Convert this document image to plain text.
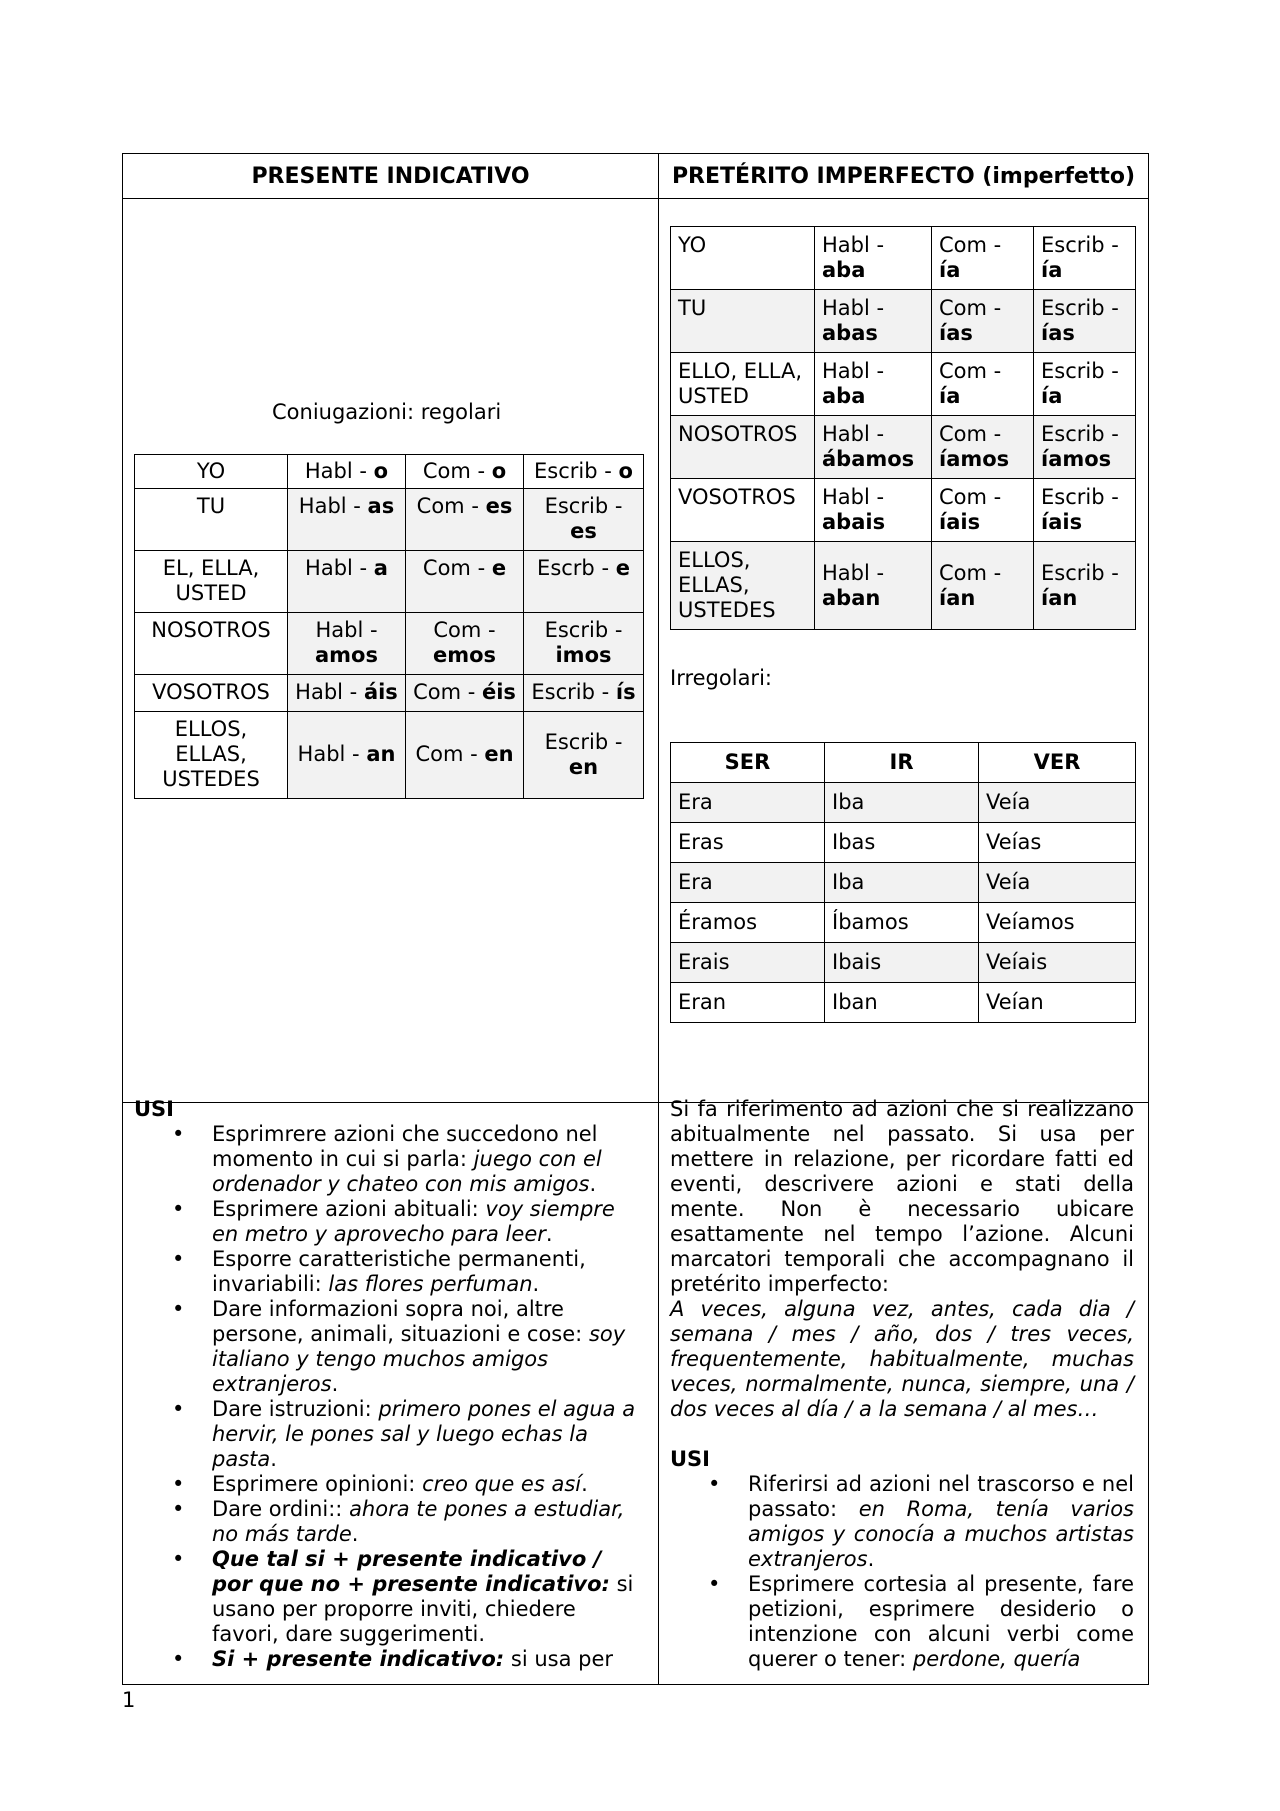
PRESENTE INDICATIVO	PRETÉRITO IMPERFECTO (imperfetto)

Coniugazioni: regolari
YO	Habl - o	Com - o	Escrib - o
TU	Habl - as	Com - es	Escrib - es
EL, ELLA, USTED	Habl - a	Com - e	Escrb - e
NOSOTROS	Habl - amos	Com - emos	Escrib - imos
VOSOTROS	Habl - áis	Com - éis	Escrib - ís
ELLOS, ELLAS, USTEDES	Habl - an	Com - en	Escrib - en
YO	Habl - aba	Com - ía	Escrib - ía
TU	Habl - abas	Com - ías	Escrib - ías
ELLO, ELLA, USTED	Habl - aba	Com - ía	Escrib - ía
NOSOTROS	Habl - ábamos	Com - íamos	Escrib - íamos
VOSOTROS	Habl - abais	Com - íais	Escrib - íais
ELLOS, ELLAS, USTEDES	Habl - aban	Com - ían	Escrib - ían
Irregolari:
SER	IR	VER
Era	Iba	Veía
Eras	Ibas	Veías
Era	Iba	Veía
Éramos	Íbamos	Veíamos
Erais	Ibais	Veíais
Eran	Iban	Veían
USI
• Esprimrere azioni che succedono nel momento in cui si parla: juego con el ordenador y chateo con mis amigos.
• Esprimere azioni abituali: voy siempre en metro y aprovecho para leer.
• Esporre caratteristiche permanenti, invariabili: las flores perfuman.
• Dare informazioni sopra noi, altre persone, animali, situazioni e cose: soy italiano y tengo muchos amigos extranjeros.
• Dare istruzioni: primero pones el agua a hervir, le pones sal y luego echas la pasta.
• Esprimere opinioni: creo que es así.
• Dare ordini:: ahora te pones a estudiar, no más tarde.
• Que tal si + presente indicativo / por que no + presente indicativo: si usano per proporre inviti, chiedere favori, dare suggerimenti.
• Si + presente indicativo: si usa per

Si fa riferimento ad azioni che si realizzano abitualmente nel passato. Si usa per mettere in relazione, per ricordare fatti ed eventi, descrivere azioni e stati della mente. Non è necessario ubicare esattamente nel tempo l’azione. Alcuni marcatori temporali che accompagnano il pretérito imperfecto:

A veces, alguna vez, antes, cada dia / semana / mes / año, dos / tres veces, frequentemente, habitualmente, muchas veces, normalmente, nunca, siempre, una / dos veces al día / a la semana / al mes…

USI
• Riferirsi ad azioni nel trascorso e nel passato: en Roma, tenía varios amigos y conocía a muchos artistas extranjeros.
• Esprimere cortesia al presente, fare petizioni, esprimere desiderio o intenzione con alcuni verbi come querer o tener: perdone, quería
1
